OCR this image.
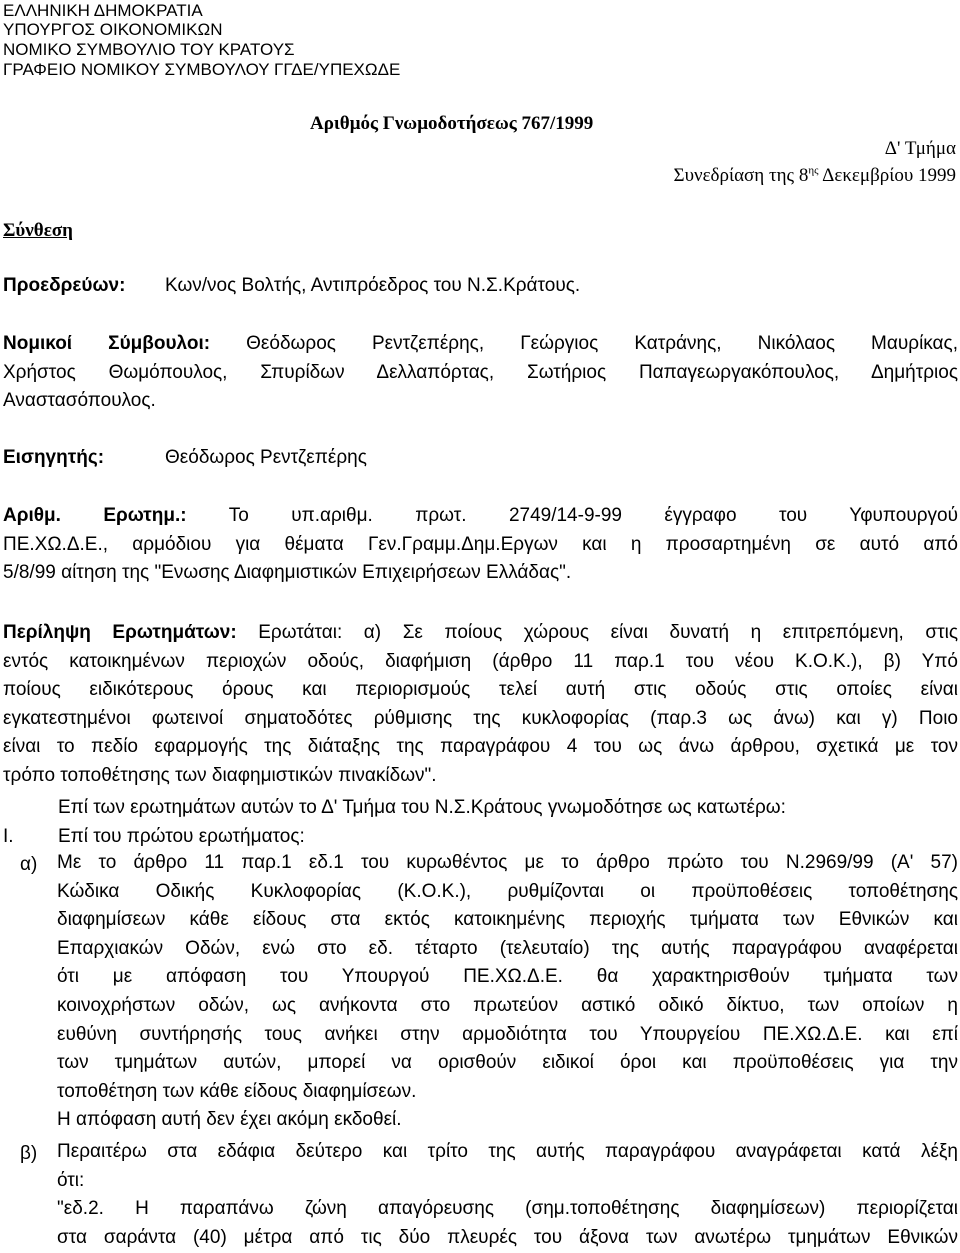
ΕΛΛΗΝΙΚΗ ΔΗΜΟΚΡΑΤΙΑ
ΥΠΟΥΡΓΟΣ ΟΙΚΟΝΟΜΙΚΩΝ
ΝΟΜΙΚΟ ΣΥΜΒΟΥΛΙΟ ΤΟΥ ΚΡΑΤΟΥΣ
ΓΡΑΦΕΙΟ ΝΟΜΙΚΟΥ ΣΥΜΒΟΥΛΟΥ ΓΓΔΕ/ΥΠΕΧΩΔΕ
Αριθμός Γνωμοδοτήσεως 767/1999
Δ' Τμήμα
Συνεδρίαση της $8^{\eta\varsigma}$ Δεκεμβρίου 1999
Σύνθεση
Προεδρεύων: Κων/νος Βολτής, Αντιπρόεδρος του Ν.Σ.Κράτους.
Νομικοί Σύμβουλοι: Θεόδωρος Ρεντζεπέρης, Γεώργιος Κατράνης, Νικόλαος Μαυρίκας,
Χρήστος Θωμόπουλος, Σπυρίδων Δελλαπόρτας, Σωτήριος Παπαγεωργακόπουλος, Δημήτριος
Αναστασόπουλος.
Εισηγητής:	Θεόδωρος Ρεντζεπέρης
Αριθμ. Ερωτημ.: Το υπ.αριθμ. πρωτ. 2749/14-9-99 έγγραφο του Υφυπουργού
ΠΕ.ΧΩ.Δ.Ε., αρμόδιου για θέματα Γεν.Γραμμ.Δημ.Εργων και η προσαρτημένη σε αυτό από
5/8/99 αίτηση της "Ενωσης Διαφημιστικών Επιχειρήσεων Ελλάδας".
Περίληψη Ερωτημάτων: Ερωτάται: α) Σε ποίους χώρους είναι δυνατή η επιτρεπόμενη, στις
εντός κατοικημένων περιοχών οδούς, διαφήμιση (άρθρο 11 παρ.1 του νέου Κ.Ο.Κ.), β) Υπό
ποίους ειδικότερους όρους και περιορισμούς τελεί αυτή στις οδούς στις οποίες είναι
εγκατεστημένοι φωτεινοί σηματοδότες ρύθμισης της κυκλοφορίας (παρ.3 ως άνω) και γ) Ποιο
είναι το πεδίο εφαρμογής της διάταξης της παραγράφου 4 του ως άνω άρθρου, σχετικά με τον
τρόπο τοποθέτησης των διαφημιστικών πινακίδων".
Επί των ερωτημάτων αυτών το Δ' Τμήμα του Ν.Σ.Κράτους γνωμοδότησε ως κατωτέρω:
I. Επί του πρώτου ερωτήματος:
α) Με το άρθρο 11 παρ.1 εδ.1 του κυρωθέντος με το άρθρο πρώτο του Ν.2969/99 (Α' 57)
Κώδικα Οδικής Κυκλοφορίας (Κ.Ο.Κ.), ρυθμίζονται οι προϋποθέσεις τοποθέτησης
διαφημίσεων κάθε είδους στα εκτός κατοικημένης περιοχής τμήματα των Εθνικών και
Επαρχιακών Οδών, ενώ στο εδ. τέταρτο (τελευταίο) της αυτής παραγράφου αναφέρεται
ότι με απόφαση του Υπουργού ΠΕ.ΧΩ.Δ.Ε. θα χαρακτηρισθούν τμήματα των
κοινοχρήστων οδών, ως ανήκοντα στο πρωτεύον αστικό οδικό δίκτυο, των οποίων η
ευθύνη συντήρησής τους ανήκει στην αρμοδιότητα του Υπουργείου ΠΕ.ΧΩ.Δ.Ε. και επί
των τμημάτων αυτών, μπορεί να ορισθούν ειδικοί όροι και προϋποθέσεις για την
τοποθέτηση των κάθε είδους διαφημίσεων.
Η απόφαση αυτή δεν έχει ακόμη εκδοθεί.
β) Περαιτέρω στα εδάφια δεύτερο και τρίτο της αυτής παραγράφου αναγράφεται κατά λέξη
ότι:
"εδ.2. Η παραπάνω ζώνη απαγόρευσης (σημ.τοποθέτησης διαφημίσεων) περιορίζεται
στα σαράντα (40) μέτρα από τις δύο πλευρές του άξονα των ανωτέρω τμημάτων Εθνικών
